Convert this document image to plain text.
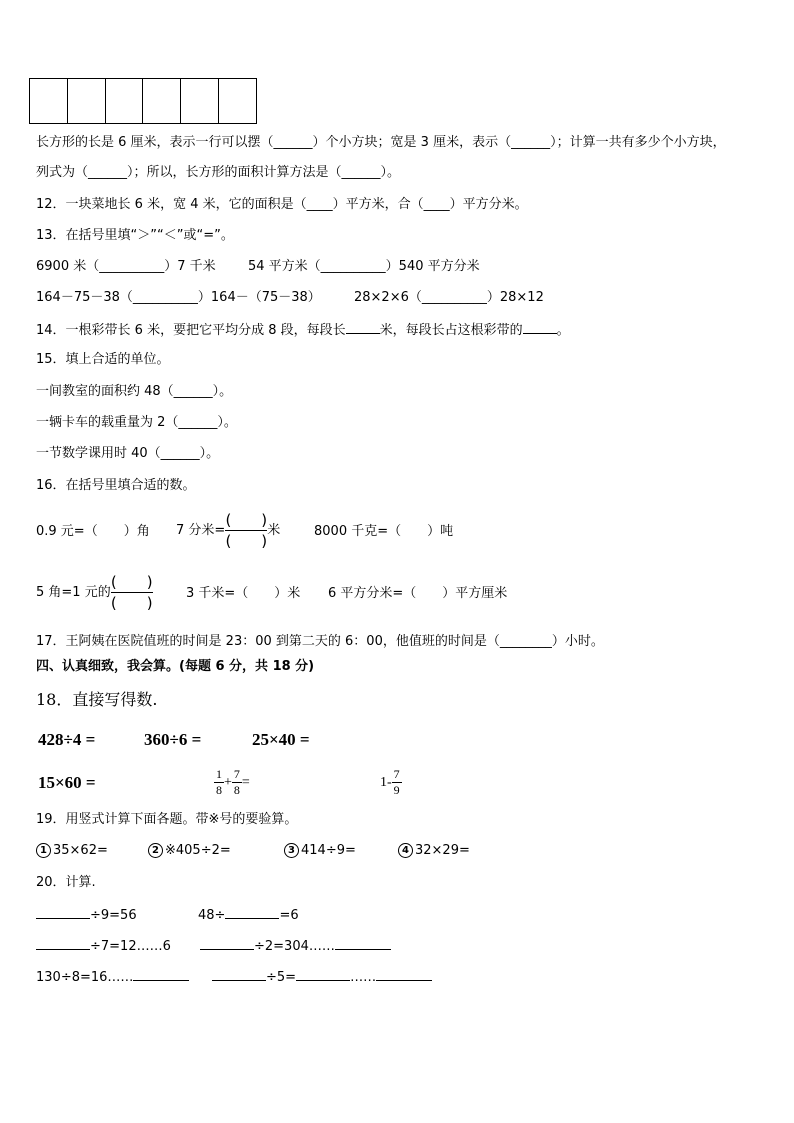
长方形的长是 6 厘米，表示一行可以摆（______）个小方块；宽是 3 厘米，表示（______）；计算一共有多少个小方块，
列式为（______）；所以，长方形的面积计算方法是（______）。
12．一块菜地长 6 米，宽 4 米，它的面积是（____）平方米，合（____）平方分米。
13．在括号里填“＞”“＜”或“=”。
6900 米（__________）7 千米 54 平方米（__________）540 平方分米
164－75－38（__________）164－（75－38）	28×2×6（__________）28×12
14．一根彩带长 6 米，要把它平均分成 8 段，每段长	米，每段长占这根彩带的	。
15．填上合适的单位。
一间教室的面积约 48（______）。
一辆卡车的载重量为 2（______）。
一节数学课用时 40（______）。
16．在括号里填合适的数。
0.9 元=（　　）角 7 分米=
(　　)
(　　)
米	8000 千克=（　　）吨
5 角=1 元的
(　　)
(　　)
3 千米=（　　）米 6 平方分米=（　　）平方厘米
17．王阿姨在医院值班的时间是 23：00 到第二天的 6：00，他值班的时间是（________）小时。
四、认真细致，我会算。(每题 6 分，共 18 分)
18．直接写得数.
428÷4 =	360÷6 =	25×40 =
15×60 =	$\frac{1}{8} + \frac{7}{8}$ =	$1- \frac{7}{9}$
19．用竖式计算下面各题。带※号的要验算。
1 35×62=	2 ※405÷2=	3 414÷9=	4 32×29=
20．计算.
÷9=56	48÷	=6
÷7=12……6	÷2=304……
130÷8=16……	÷5=	……
